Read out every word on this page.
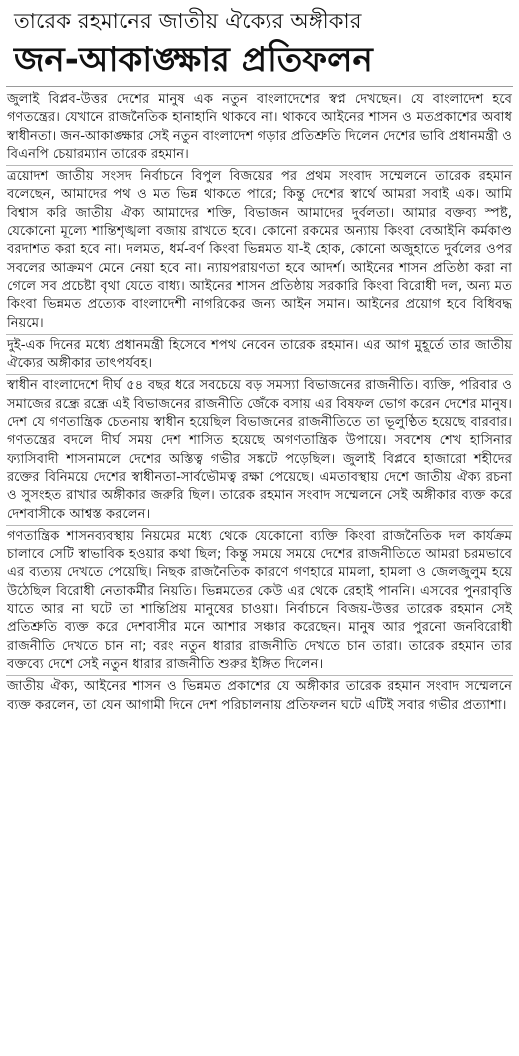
তারেক রহমানের জাতীয় ঐক্যের অঙ্গীকার
জন-আকাঙ্ক্ষার প্রতিফলন

জুলাই বিপ্লব-উত্তর দেশের মানুষ এক নতুন বাংলাদেশের স্বপ্ন দেখছেন। যে বাংলাদেশ হবে গণতন্ত্রের। যেখানে রাজনৈতিক হানাহানি থাকবে না। থাকবে আইনের শাসন ও মতপ্রকাশের অবাধ স্বাধীনতা। জন-আকাঙ্ক্ষার সেই নতুন বাংলাদেশ গড়ার প্রতিশ্রুতি দিলেন দেশের ভাবি প্রধানমন্ত্রী ও বিএনপি চেয়ারম্যান তারেক রহমান।

ত্রয়োদশ জাতীয় সংসদ নির্বাচনে বিপুল বিজয়ের পর প্রথম সংবাদ সম্মেলনে তারেক রহমান বলেছেন, আমাদের পথ ও মত ভিন্ন থাকতে পারে; কিন্তু দেশের স্বার্থে আমরা সবাই এক। আমি বিশ্বাস করি জাতীয় ঐক্য আমাদের শক্তি, বিভাজন আমাদের দুর্বলতা। আমার বক্তব্য স্পষ্ট, যেকোনো মূল্যে শান্তিশৃঙ্খলা বজায় রাখতে হবে। কোনো রকমের অন্যায় কিংবা বেআইনি কর্মকাণ্ড বরদাশত করা হবে না। দলমত, ধর্ম-বর্ণ কিংবা ভিন্নমত যা-ই হোক, কোনো অজুহাতে দুর্বলের ওপর সবলের আক্রমণ মেনে নেয়া হবে না। ন্যায়পরায়ণতা হবে আদর্শ। আইনের শাসন প্রতিষ্ঠা করা না গেলে সব প্রচেষ্টা বৃথা যেতে বাধ্য। আইনের শাসন প্রতিষ্ঠায় সরকারি কিংবা বিরোধী দল, অন্য মত কিংবা ভিন্নমত প্রত্যেক বাংলাদেশী নাগরিকের জন্য আইন সমান। আইনের প্রয়োগ হবে বিধিবদ্ধ নিয়মে।

দুই-এক দিনের মধ্যে প্রধানমন্ত্রী হিসেবে শপথ নেবেন তারেক রহমান। এর আগ মুহূর্তে তার জাতীয় ঐক্যের অঙ্গীকার তাৎপর্যবহ।

স্বাধীন বাংলাদেশে দীর্ঘ ৫৪ বছর ধরে সবচেয়ে বড় সমস্যা বিভাজনের রাজনীতি। ব্যক্তি, পরিবার ও সমাজের রন্ধ্রে রন্ধ্রে এই বিভাজনের রাজনীতি জেঁকে বসায় এর বিষফল ভোগ করেন দেশের মানুষ। দেশ যে গণতান্ত্রিক চেতনায় স্বাধীন হয়েছিল বিভাজনের রাজনীতিতে তা ভূলুণ্ঠিত হয়েছে বারবার। গণতন্ত্রের বদলে দীর্ঘ সময় দেশ শাসিত হয়েছে অগণতান্ত্রিক উপায়ে। সবশেষ শেখ হাসিনার ফ্যাসিবাদী শাসনামলে দেশের অস্তিত্ব গভীর সঙ্কটে পড়েছিল। জুলাই বিপ্লবে হাজারো শহীদের রক্তের বিনিময়ে দেশের স্বাধীনতা-সার্বভৌমত্ব রক্ষা পেয়েছে। এমতাবস্থায় দেশে জাতীয় ঐক্য রচনা ও সুসংহত রাখার অঙ্গীকার জরুরি ছিল। তারেক রহমান সংবাদ সম্মেলনে সেই অঙ্গীকার ব্যক্ত করে দেশবাসীকে আশ্বস্ত করলেন।

গণতান্ত্রিক শাসনব্যবস্থায় নিয়মের মধ্যে থেকে যেকোনো ব্যক্তি কিংবা রাজনৈতিক দল কার্যক্রম চালাবে সেটি স্বাভাবিক হওয়ার কথা ছিল; কিন্তু সময়ে সময়ে দেশের রাজনীতিতে আমরা চরমভাবে এর ব্যত্যয় দেখতে পেয়েছি। নিছক রাজনৈতিক কারণে গণহারে মামলা, হামলা ও জেলজুলুম হয়ে উঠেছিল বিরোধী নেতাকর্মীর নিয়তি। ভিন্নমতের কেউ এর থেকে রেহাই পাননি। এসবের পুনরাবৃত্তি যাতে আর না ঘটে তা শান্তিপ্রিয় মানুষের চাওয়া। নির্বাচনে বিজয়-উত্তর তারেক রহমান সেই প্রতিশ্রুতি ব্যক্ত করে দেশবাসীর মনে আশার সঞ্চার করেছেন। মানুষ আর পুরনো জনবিরোধী রাজনীতি দেখতে চান না; বরং নতুন ধারার রাজনীতি দেখতে চান তারা। তারেক রহমান তার বক্তব্যে দেশে সেই নতুন ধারার রাজনীতি শুরুর ইঙ্গিত দিলেন।

জাতীয় ঐক্য, আইনের শাসন ও ভিন্নমত প্রকাশের যে অঙ্গীকার তারেক রহমান সংবাদ সম্মেলনে ব্যক্ত করলেন, তা যেন আগামী দিনে দেশ পরিচালনায় প্রতিফলন ঘটে এটিই সবার গভীর প্রত্যাশা।
